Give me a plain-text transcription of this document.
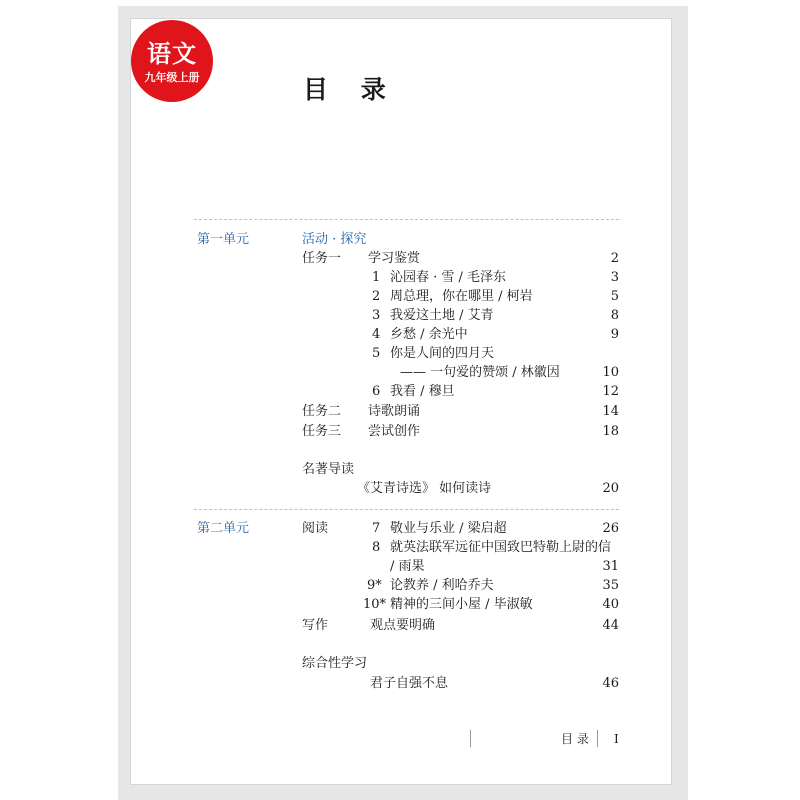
语文
九年级上册	目 录
第一单元	活动 · 探究
任务一 学习鉴赏	2
1 沁园春 · 雪 / 毛泽东	3
2 周总理，你在哪里 / 柯岩	5
3 我爱这土地 / 艾青	8
4 乡愁 / 余光中	9
5 你是人间的四月天
—— 一句爱的赞颂 / 林徽因	10
6 我看 / 穆旦	12
任务二 诗歌朗诵	14
任务三 尝试创作	18
名著导读
《艾青诗选》 如何读诗	20
第二单元	阅读	7 敬业与乐业 / 梁启超	26
8 就英法联军远征中国致巴特勒上尉的信
/ 雨果	31
9* 论教养 / 利哈乔夫	35
10* 精神的三间小屋 / 毕淑敏	40
写作	观点要明确	44
综合性学习
君子自强不息	46
目 录 I
